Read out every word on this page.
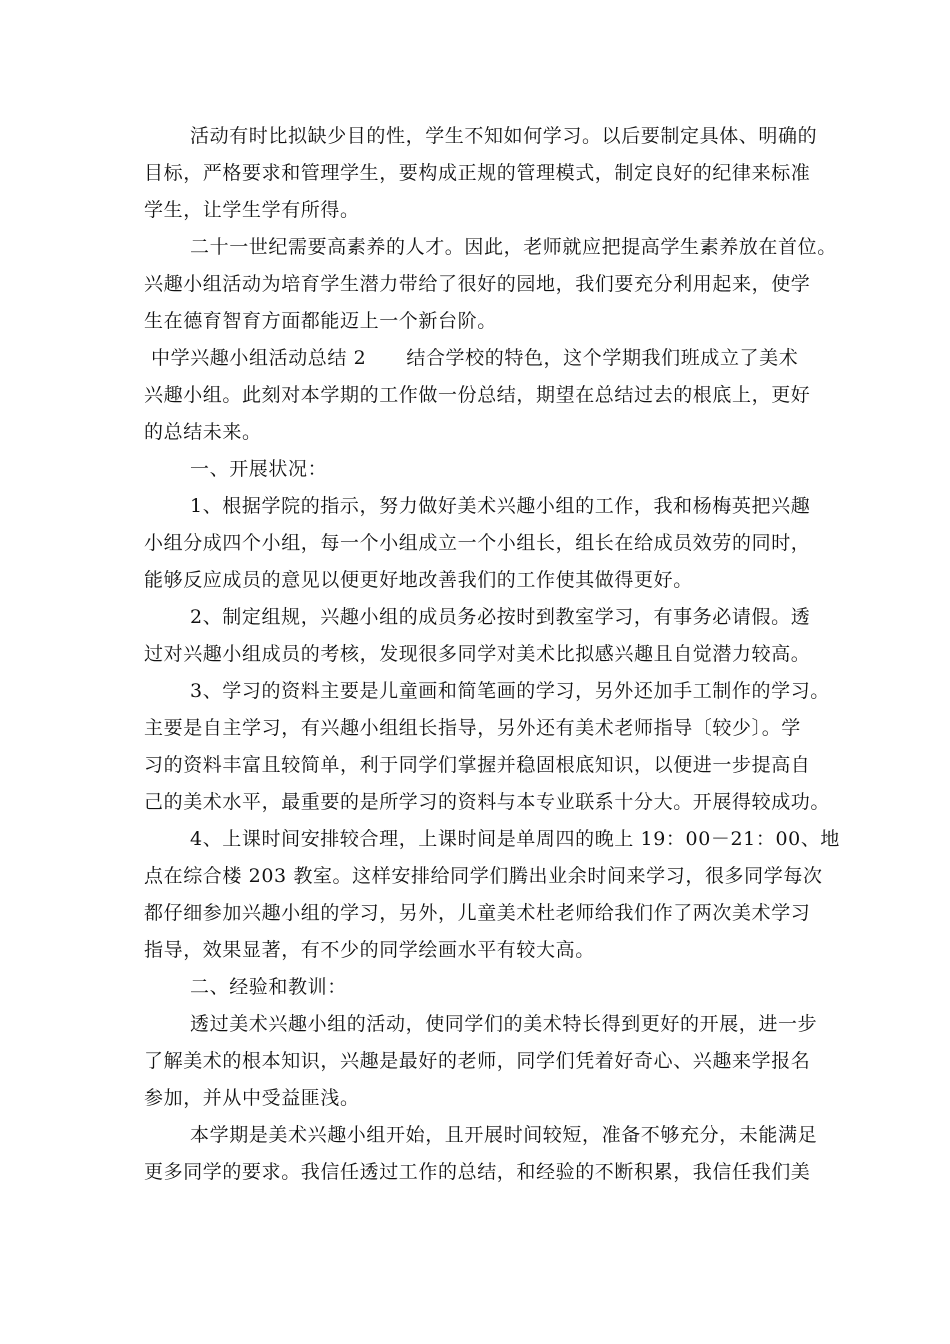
活动有时比拟缺少目的性，学生不知如何学习。以后要制定具体、明确的
目标，严格要求和管理学生，要构成正规的管理模式，制定良好的纪律来标准
学生，让学生学有所得。
二十一世纪需要高素养的人才。因此，老师就应把提高学生素养放在首位。
兴趣小组活动为培育学生潜力带给了很好的园地，我们要充分利用起来，使学
生在德育智育方面都能迈上一个新台阶。
中学兴趣小组活动总结 2 结合学校的特色，这个学期我们班成立了美术
兴趣小组。此刻对本学期的工作做一份总结，期望在总结过去的根底上，更好
的总结未来。
一、开展状况：
1、根据学院的指示，努力做好美术兴趣小组的工作，我和杨梅英把兴趣
小组分成四个小组，每一个小组成立一个小组长，组长在给成员效劳的同时，
能够反应成员的意见以便更好地改善我们的工作使其做得更好。
2、制定组规，兴趣小组的成员务必按时到教室学习，有事务必请假。透
过对兴趣小组成员的考核，发现很多同学对美术比拟感兴趣且自觉潜力较高。
3、学习的资料主要是儿童画和简笔画的学习，另外还加手工制作的学习。
主要是自主学习，有兴趣小组组长指导，另外还有美术老师指导〔较少〕。学
习的资料丰富且较简单，利于同学们掌握并稳固根底知识，以便进一步提高自
己的美术水平，最重要的是所学习的资料与本专业联系十分大。开展得较成功。
4、上课时间安排较合理，上课时间是单周四的晚上 19：00－21：00、地
点在综合楼 203 教室。这样安排给同学们腾出业余时间来学习，很多同学每次
都仔细参加兴趣小组的学习，另外，儿童美术杜老师给我们作了两次美术学习
指导，效果显著，有不少的同学绘画水平有较大高。
二、经验和教训：
透过美术兴趣小组的活动，使同学们的美术特长得到更好的开展，进一步
了解美术的根本知识，兴趣是最好的老师，同学们凭着好奇心、兴趣来学报名
参加，并从中受益匪浅。
本学期是美术兴趣小组开始，且开展时间较短，准备不够充分，未能满足
更多同学的要求。我信任透过工作的总结，和经验的不断积累，我信任我们美
